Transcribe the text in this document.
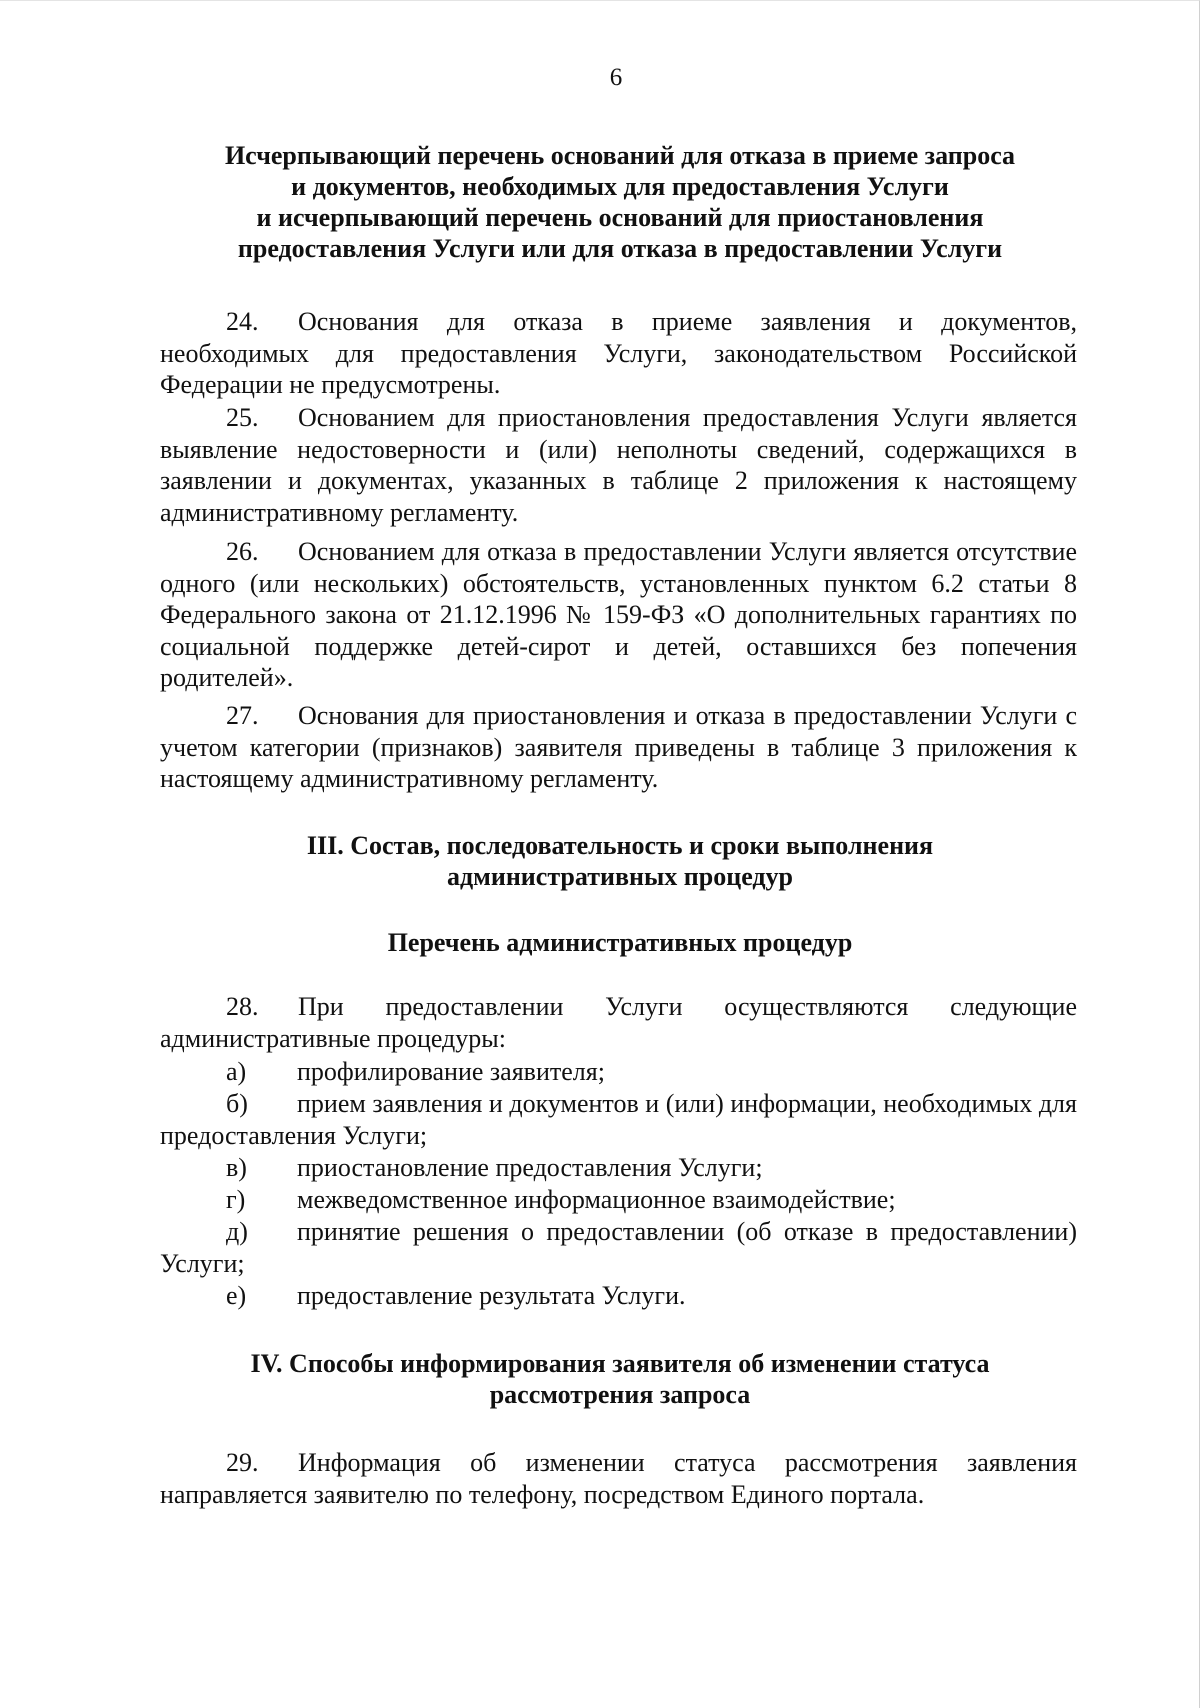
6
Исчерпывающий перечень оснований для отказа в приеме запроса
и документов, необходимых для предоставления Услуги
и исчерпывающий перечень оснований для приостановления
предоставления Услуги или для отказа в предоставлении Услуги
24. Основания для отказа в приеме заявления и документов, необходимых для предоставления Услуги, законодательством Российской Федерации не предусмотрены.
25. Основанием для приостановления предоставления Услуги является выявление недостоверности и (или) неполноты сведений, содержащихся в заявлении и документах, указанных в таблице 2 приложения к настоящему административному регламенту.
26. Основанием для отказа в предоставлении Услуги является отсутствие одного (или нескольких) обстоятельств, установленных пунктом 6.2 статьи 8 Федерального закона от 21.12.1996 № 159-ФЗ «О дополнительных гарантиях по социальной поддержке детей-сирот и детей, оставшихся без попечения родителей».
27. Основания для приостановления и отказа в предоставлении Услуги с учетом категории (признаков) заявителя приведены в таблице 3 приложения к настоящему административному регламенту.
III. Состав, последовательность и сроки выполнения
административных процедур
Перечень административных процедур
28. При предоставлении Услуги осуществляются следующие административные процедуры:
а) профилирование заявителя;
б) прием заявления и документов и (или) информации, необходимых для предоставления Услуги;
в) приостановление предоставления Услуги;
г) межведомственное информационное взаимодействие;
д) принятие решения о предоставлении (об отказе в предоставлении) Услуги;
е) предоставление результата Услуги.
IV. Способы информирования заявителя об изменении статуса
рассмотрения запроса
29. Информация об изменении статуса рассмотрения заявления направляется заявителю по телефону, посредством Единого портала.
